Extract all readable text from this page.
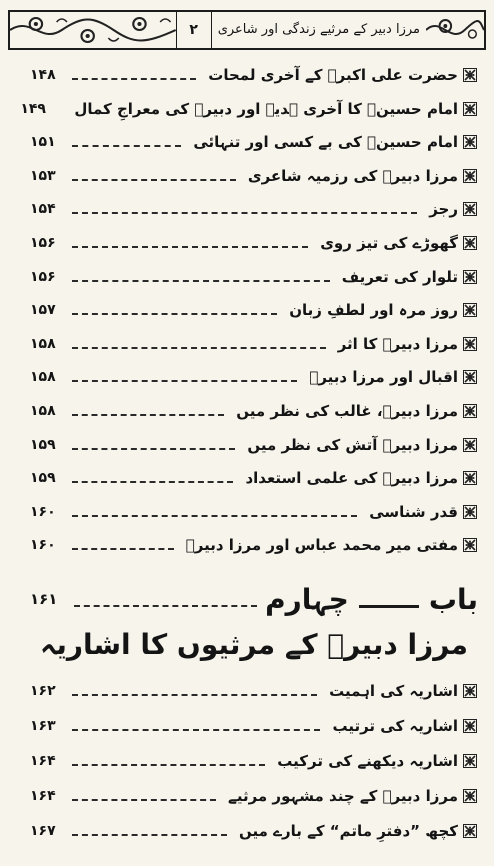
۲	مرزا دبیر کے مرثیے زندگی اور شاعری
حضرت علی اکبرؑ کے آخری لمحات
۱۴۸
امام حسینؑ کا آخری ہدیہ اور دبیرؔ کی معراجِ کمال
۱۴۹
امام حسینؑ کی بے کسی اور تنہائی
۱۵۱
مرزا دبیرؔ کی رزمیہ شاعری
۱۵۳
رجز
۱۵۴
گھوڑے کی تیز روی
۱۵۶
تلوار کی تعریف
۱۵۶
روز مرہ اور لطفِ زبان
۱۵۷
مرزا دبیرؔ کا اثر
۱۵۸
اقبال اور مرزا دبیرؔ
۱۵۸
مرزا دبیرؔ، غالب کی نظر میں
۱۵۸
مرزا دبیرؔ آتش کی نظر میں
۱۵۹
مرزا دبیرؔ کی علمی استعداد
۱۵۹
قدر شناسی
۱۶۰
مفتی میر محمد عباس اور مرزا دبیرؔ
۱۶۰
باب
چہارم
۱۶۱
مرزا دبیرؔ کے مرثیوں کا اشاریہ
اشاریہ کی اہمیت
۱۶۲
اشاریہ کی ترتیب
۱۶۳
اشاریہ دیکھنے کی ترکیب
۱۶۴
مرزا دبیرؔ کے چند مشہور مرثیے
۱۶۴
کچھ ”دفترِ ماتم“ کے بارے میں
۱۶۷
